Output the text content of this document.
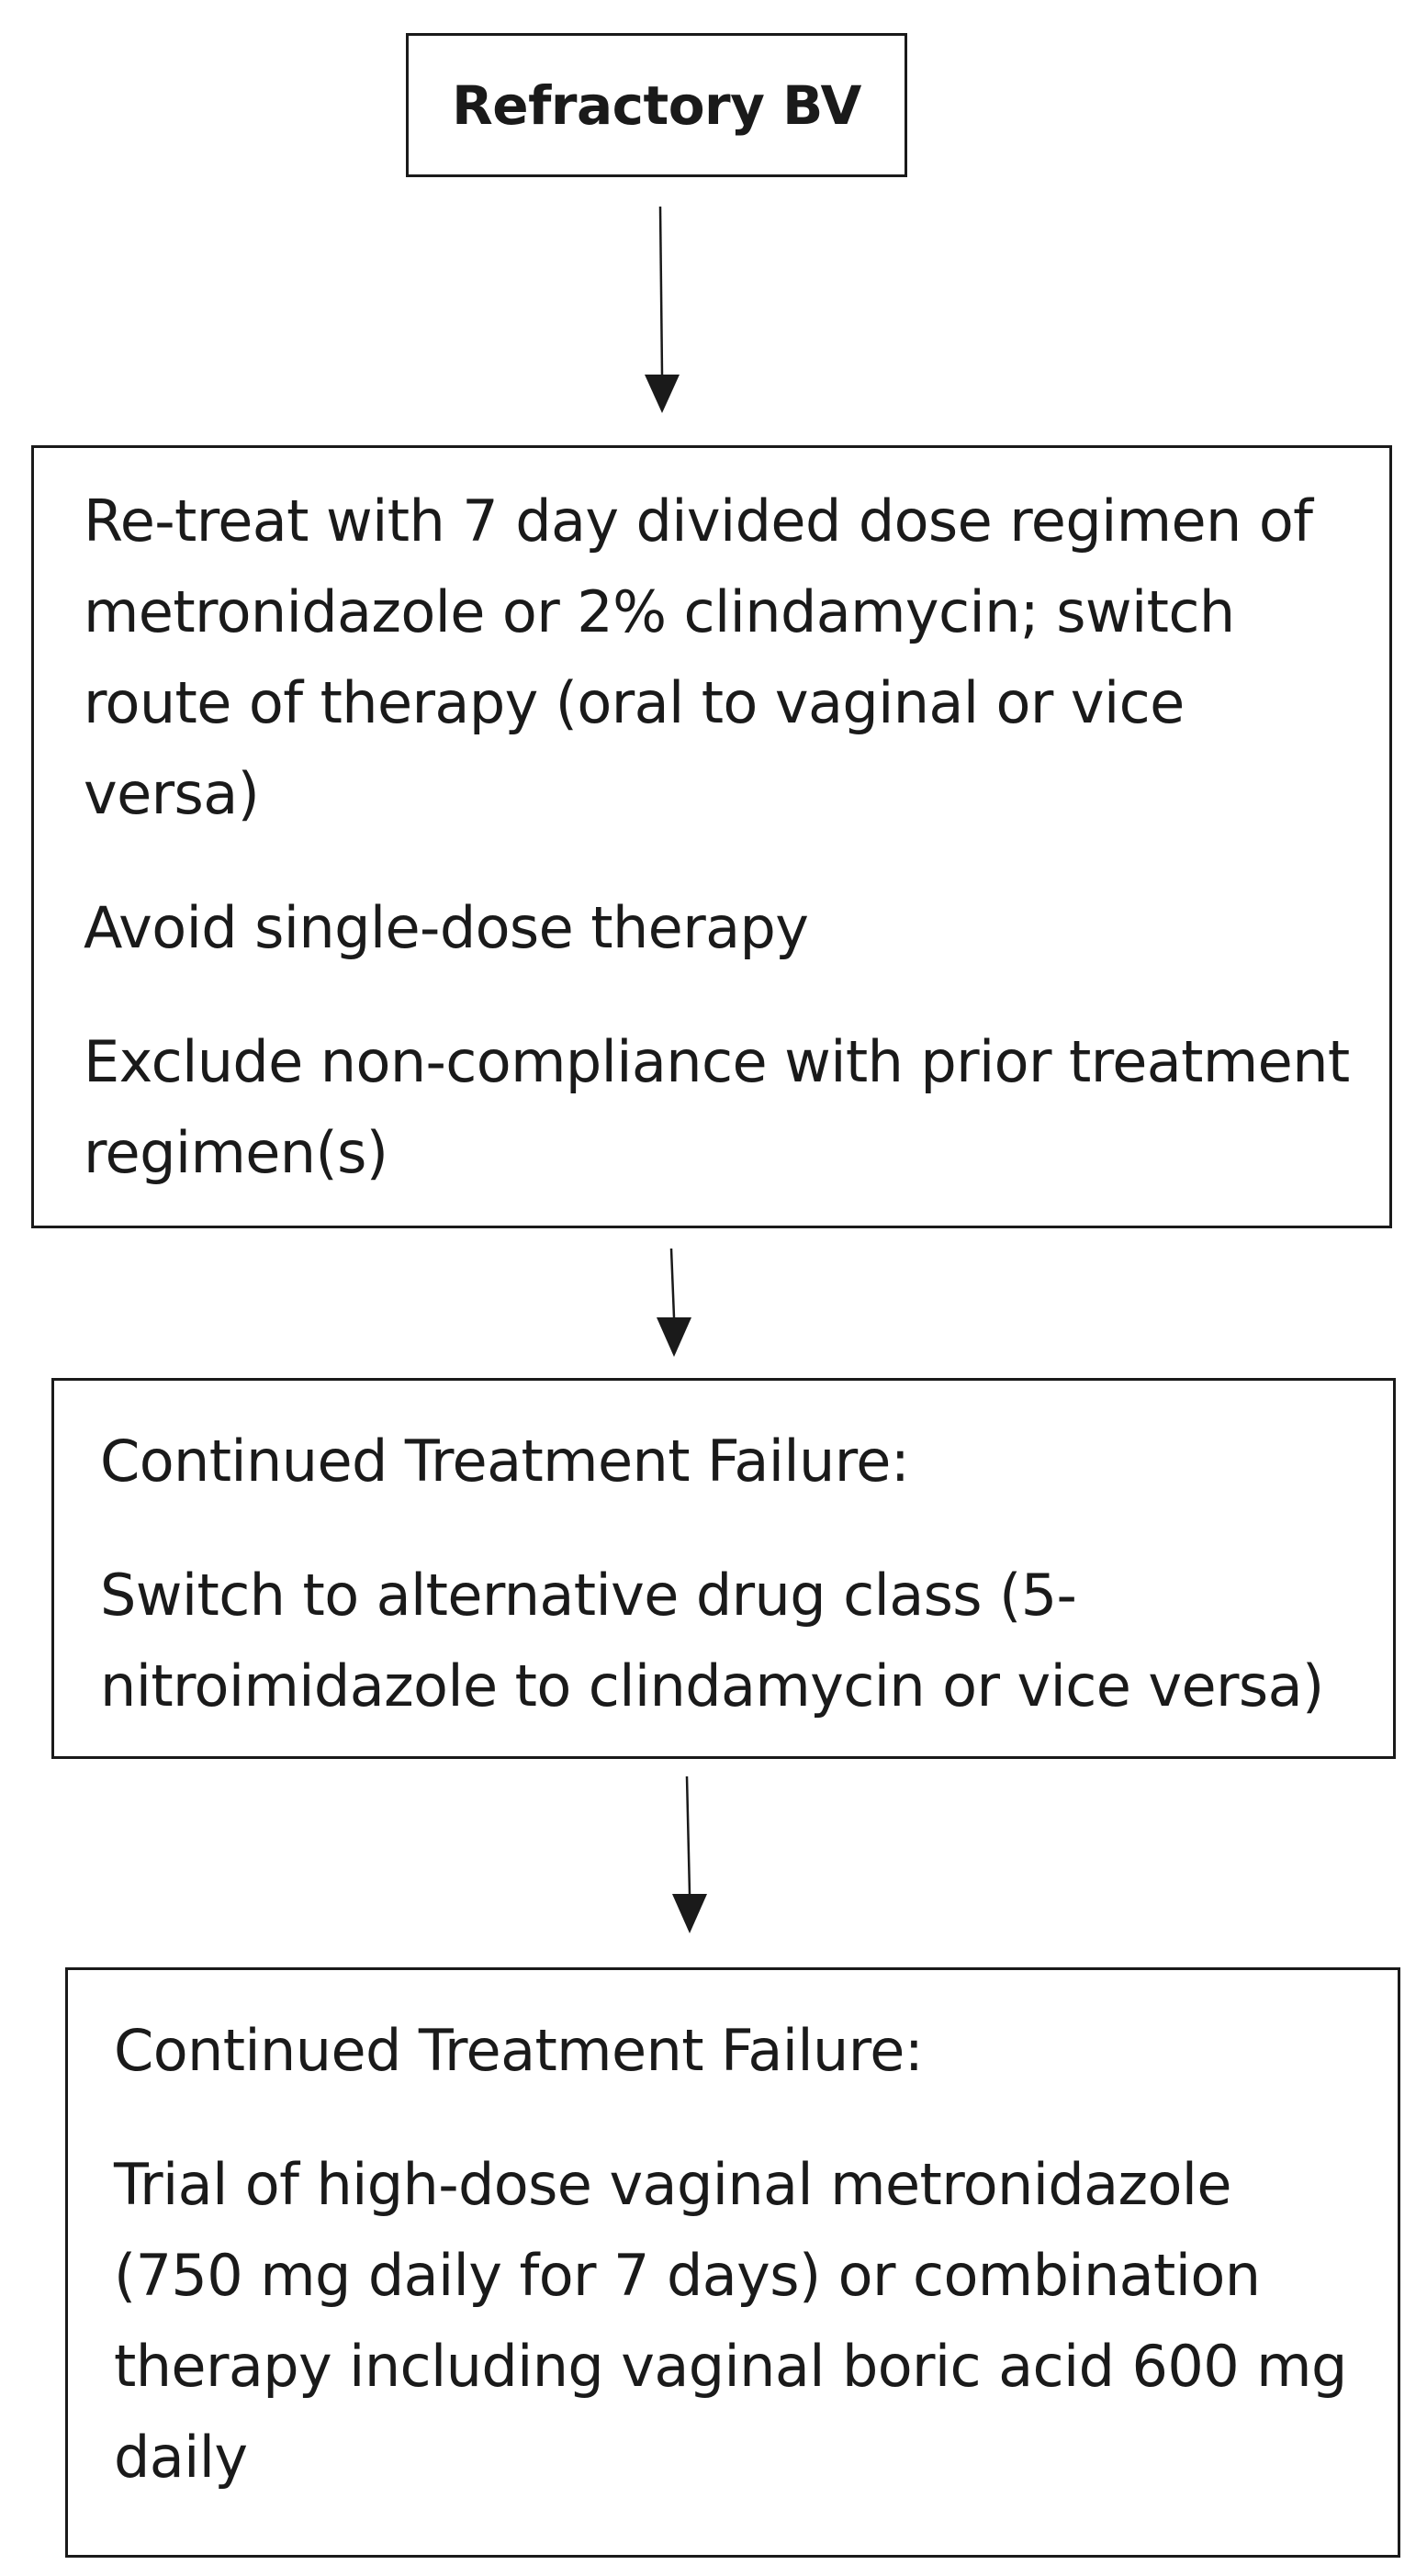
Refractory BV

Re-treat with 7 day divided dose regimen of metronidazole or 2% clindamycin; switch route of therapy (oral to vaginal or vice versa)

Avoid single-dose therapy

Exclude non-compliance with prior treatment regimen(s)

Continued Treatment Failure:

Switch to alternative drug class (5-nitroimidazole to clindamycin or vice versa)

Continued Treatment Failure:

Trial of high-dose vaginal metronidazole (750 mg daily for 7 days) or combination therapy including vaginal boric acid 600 mg daily
